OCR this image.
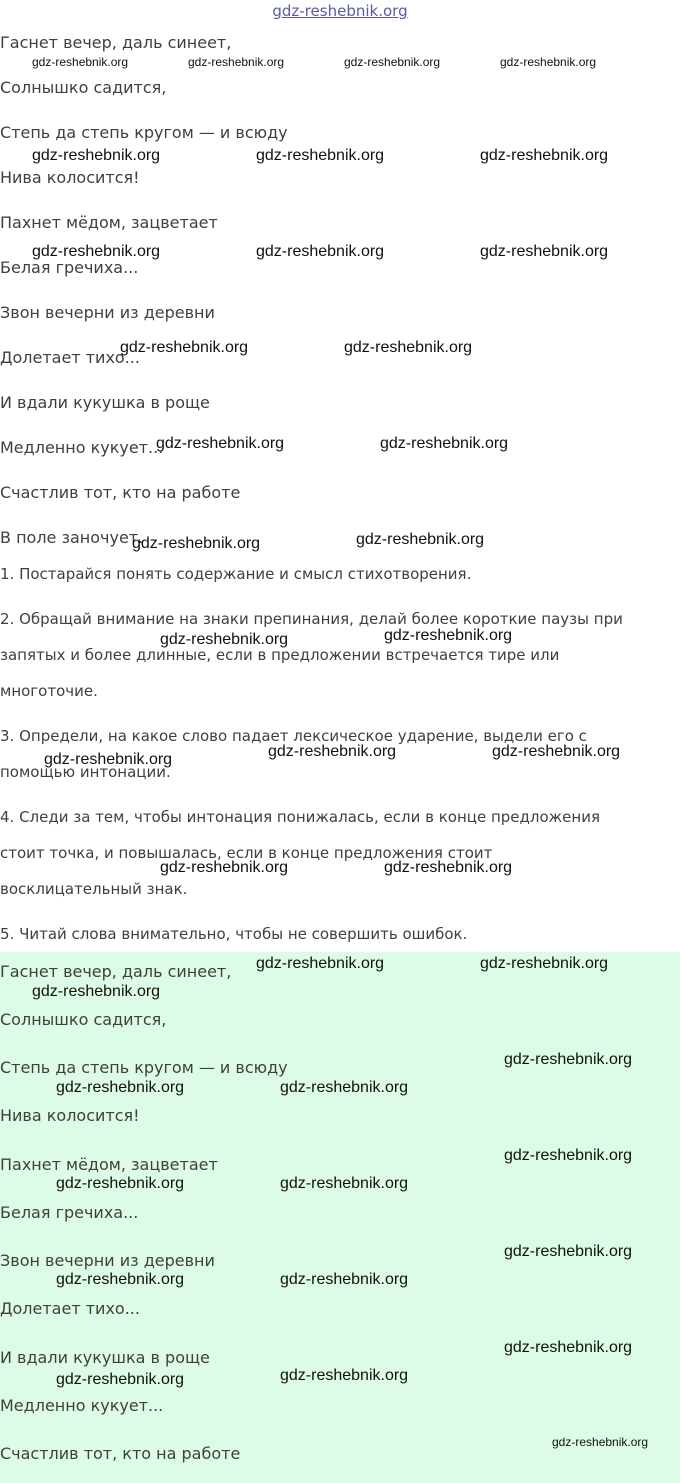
gdz-reshebnik.org
Гаснет вечер, даль синеет,
Солнышко садится,
Степь да степь кругом — и всюду
Нива колосится!
Пахнет мёдом, зацветает
Белая гречиха...
Звон вечерни из деревни
Долетает тихо...
И вдали кукушка в роще
Медленно кукует...
Счастлив тот, кто на работе
В поле заночует.
1. Постарайся понять содержание и смысл стихотворения.
2. Обращай внимание на знаки препинания, делай более короткие паузы при
запятых и более длинные, если в предложении встречается тире или
многоточие.
3. Определи, на какое слово падает лексическое ударение, выдели его с
помощью интонации.
4. Следи за тем, чтобы интонация понижалась, если в конце предложения
стоит точка, и повышалась, если в конце предложения стоит
восклицательный знак.
5. Читай слова внимательно, чтобы не совершить ошибок.
Гаснет вечер, даль синеет,
Солнышко садится,
Степь да степь кругом — и всюду
Нива колосится!
Пахнет мёдом, зацветает
Белая гречиха...
Звон вечерни из деревни
Долетает тихо...
И вдали кукушка в роще
Медленно кукует...
Счастлив тот, кто на работе
gdz-reshebnik.org	gdz-reshebnik.org	gdz-reshebnik.org	gdz-reshebnik.org
gdz-reshebnik.org	gdz-reshebnik.org	gdz-reshebnik.org
gdz-reshebnik.org	gdz-reshebnik.org	gdz-reshebnik.org
gdz-reshebnik.org	gdz-reshebnik.org
gdz-reshebnik.org	gdz-reshebnik.org
gdz-reshebnik.org	gdz-reshebnik.org
gdz-reshebnik.org	gdz-reshebnik.org
gdz-reshebnik.org	gdz-reshebnik.org	gdz-reshebnik.org
gdz-reshebnik.org	gdz-reshebnik.org
gdz-reshebnik.org	gdz-reshebnik.org
gdz-reshebnik.org
gdz-reshebnik.org
gdz-reshebnik.org	gdz-reshebnik.org
gdz-reshebnik.org
gdz-reshebnik.org	gdz-reshebnik.org
gdz-reshebnik.org
gdz-reshebnik.org	gdz-reshebnik.org
gdz-reshebnik.org
gdz-reshebnik.org	gdz-reshebnik.org
gdz-reshebnik.org
